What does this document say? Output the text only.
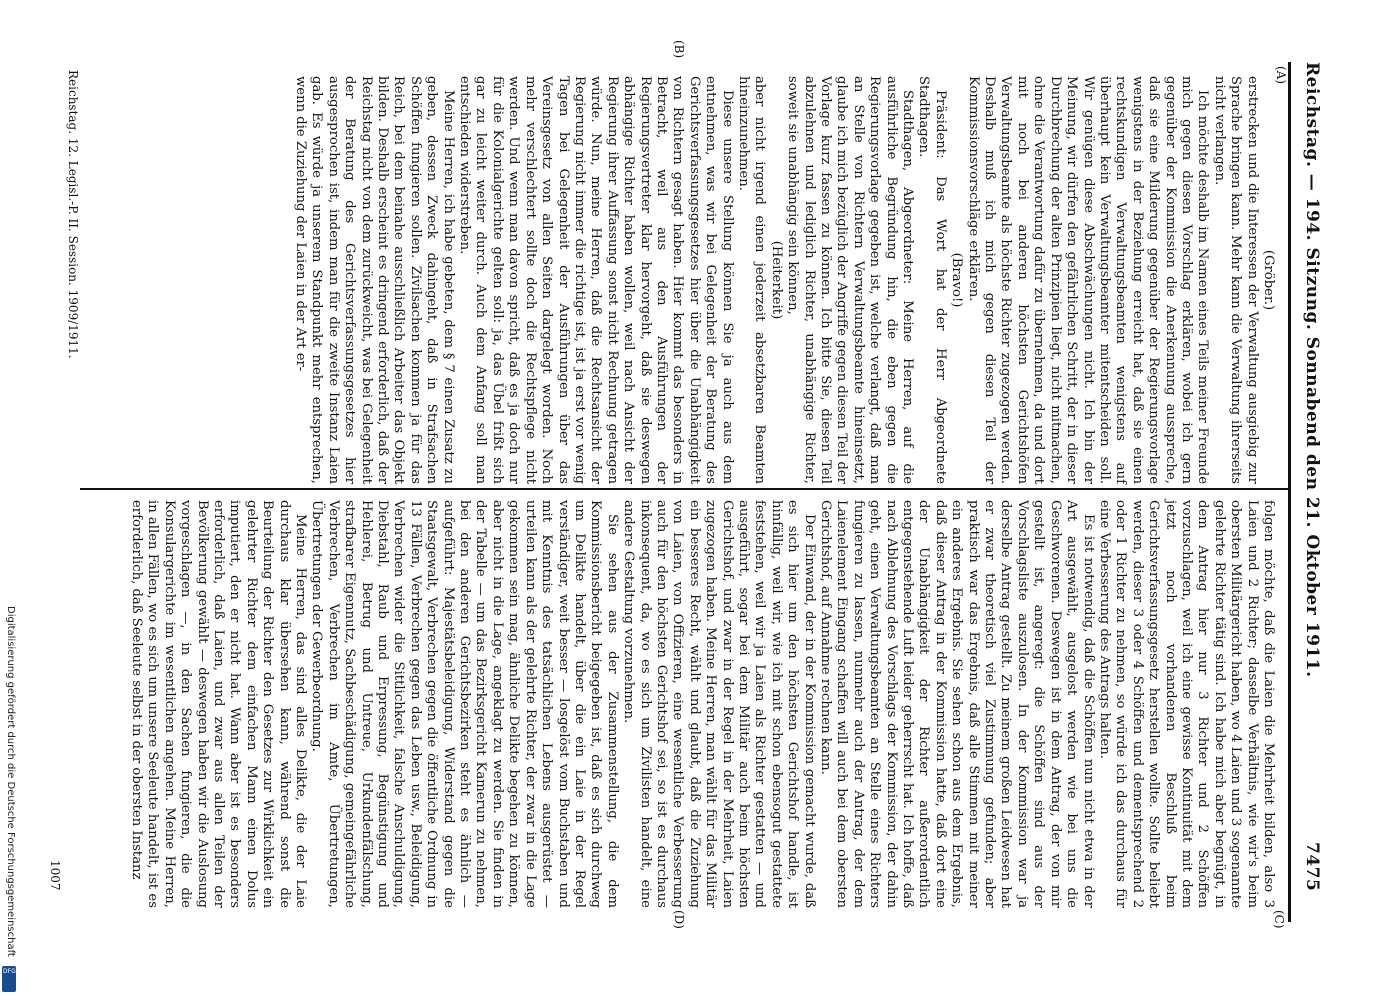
Reichstag. — 194. Sitzung. Sonnabend den 21. Oktober 1911.
7475
(A)
(B)
(C)
(D)

(Gröber.)

erstrecken und die Interessen der Verwaltung ausgiebig zur Sprache bringen kann. Mehr kann die Verwaltung ihrerseits nicht verlangen.

Ich möchte deshalb im Namen eines Teils meiner Freunde mich gegen diesen Vorschlag erklären, wobei ich gern gegenüber der Kommission die Anerkennung ausspreche, daß sie eine Milderung gegenüber der Regierungsvorlage wenigstens in der Beziehung erreicht hat, daß sie einen rechtskundigen Verwaltungsbeamten wenigstens auf überhaupt kein Verwaltungsbeamter mitentscheiden soll. Wir genügen diese Abschwächungen nicht. Ich bin der Meinung, wir dürfen den gefährlichen Schritt, der in dieser Durchbrechung der alten Prinzipien liegt, nicht mitmachen, ohne die Verantwortung dafür zu übernehmen, da und dort mit noch bei anderen höchsten Gerichtshöfen Verwaltungsbeamte als höchste Richter zugezogen werden. Deshalb muß ich mich gegen diesen Teil der Kommissionsvorschläge erklären.

(Bravo!)

Präsident: Das Wort hat der Herr Abgeordnete Stadthagen.

Stadthagen, Abgeordneter: Meine Herren, auf die ausführliche Begründung hin, die eben gegen die Regierungsvorlage gegeben ist, welche verlangt, daß man an Stelle von Richtern Verwaltungsbeamte hineinsetzt, glaube ich mich bezüglich der Angriffe gegen diesen Teil der Vorlage kurz fassen zu können. Ich bitte Sie, diesen Teil abzulehnen und lediglich Richter, unabhängige Richter, soweit sie unabhängig sein können,

(Heiterkeit)

aber nicht irgend einen jederzeit absetzbaren Beamten hineinzunehmen.

Diese unsere Stellung können Sie ja auch aus dem entnehmen, was wir bei Gelegenheit der Beratung des Gerichtsverfassungsgesetzes hier über die Unabhängigkeit von Richtern gesagt haben. Hier kommt das besonders in Betracht, weil aus den Ausführungen der Regierungsvertreter klar hervorgeht, daß sie deswegen abhängige Richter haben wollen, weil nach Ansicht der Regierung ihrer Auffassung sonst nicht Rechnung getragen würde. Nun, meine Herren, daß die Rechtsansicht der Regierung nicht immer die richtige ist, ist ja erst vor wenig Tagen bei Gelegenheit der Ausführungen über das Vereinsgesetz von allen Seiten dargelegt worden. Noch mehr verschlechtert sollte doch die Rechtspflege nicht werden. Und wenn man davon spricht, daß es ja doch nur für die Kolonialgerichte gelten soll: ja, das Übel frißt sich gar zu leicht weiter durch. Auch dem Anfang soll man entschieden widerstreben.

Meine Herren, ich habe gebeten, dem § 7 einen Zusatz zu geben, dessen Zweck dahingeht, daß in Strafsachen Schöffen fungieren sollen. Zivilsachen kommen ja für das Reich, bei dem beinahe ausschließlich Arbeiter das Objekt bilden. Deshalb erscheint es dringend erforderlich, daß der Reichstag nicht von dem zurückweicht, was bei Gelegenheit der Beratung des Gerichtsverfassungsgesetzes hier ausgesprochen ist, indem man für die zweite Instanz Laien gab. Es würde ja unserem Standpunkt mehr entsprechen, wenn die Zuziehung der Laien in der Art er-

folgen möchte, daß die Laien die Mehrheit bilden, also 3 Laien und 2 Richter; dasselbe Verhältnis, wie wir's beim obersten Militärgericht haben, wo 4 Laien und 3 sogenannte gelehrte Richter tätig sind. Ich habe mich aber begnügt, in dem Antrag hier nur 3 Richter und 2 Schöffen vorzuschlagen, weil ich eine gewisse Kontinuität mit dem jetzt noch vorhandenen Beschluß beim Gerichtsverfassungsgesetz herstellen wollte. Sollte beliebt werden, dieser 3 oder 4 Schöffen und dementsprechend 2 oder 1 Richter zu nehmen, so würde ich das durchaus für eine Verbesserung des Antrags halten.

Es ist notwendig, daß die Schöffen nun nicht etwa in der Art ausgewählt, ausgelost werden wie bei uns die Geschworenen. Deswegen ist in dem Antrag, der von mir gestellt ist, angeregt: die Schöffen sind aus der Vorschlagsliste auszulosen. In der Kommission war ja derselbe Antrag gestellt. Zu meinem großen Leidwesen hat er zwar theoretisch viel Zustimmung gefunden; aber praktisch war das Ergebnis, daß alle Stimmen mit meiner ein anderes Ergebnis. Sie sehen schon aus dem Ergebnis, daß dieser Antrag in der Kommission hatte, daß dort eine der Unabhängigkeit der Richter außerordentlich entgegenstehende Luft leider geherrscht hat. Ich hoffe, daß nach Ablehnung des Vorschlags der Kommission, der dahin geht, einen Verwaltungsbeamten an Stelle eines Richters fungieren zu lassen, nunmehr auch der Antrag, der dem Laienelement Eingang schaffen will auch bei dem obersten Gerichtshof, auf Annahme rechnen kann.

Der Einwand, der in der Kommission gemacht wurde, daß es sich hier um den höchsten Gerichtshof handle, ist hinfällig, weil wir, wie ich mit schon ebensogut gestattete feststehen, weil wir ja Laien als Richter gestatten — und ausgeführt, sogar bei dem Militär auch beim höchsten Gerichtshof, und zwar in der Regel in der Mehrheit, Laien zugezogen haben. Meine Herren, man wählt für das Militär ein besseres Recht, wählt und glaubt, daß die Zuziehung von Laien, von Offizieren, eine wesentliche Verbesserung auch für den höchsten Gerichtshof sei, so ist es durchaus inkonsequent, da, wo es sich um Zivilisten handelt, eine andere Gestaltung vorzunehmen.

Sie sehen aus der Zusammenstellung, die dem Kommissionsbericht beigegeben ist, daß es sich durchweg um Delikte handelt, über die ein Laie in der Regel verständiger, weit besser — losgelöst vom Buchstaben und mit Kenntnis des tatsächlichen Lebens ausgerüstet — urteilen kann als der gelehrte Richter, der zwar in die Lage gekommen sein mag, ähnliche Delikte begehen zu können, aber nicht in die Lage, angeklagt zu werden. Sie finden in der Tabelle — um das Bezirksgericht Kamerun zu nehmen, bei den anderen Gerichtsbezirken steht es ähnlich — aufgeführt: Majestätsbeleidigung, Widerstand gegen die Staatsgewalt, Verbrechen gegen die öffentliche Ordnung in 13 Fällen, Verbrechen gegen das Leben usw., Beleidigung, Verbrechen wider die Sittlichkeit, falsche Anschuldigung, Diebstahl, Raub und Erpressung, Begünstigung und Hehlerei, Betrug und Untreue, Urkundenfälschung, strafbarer Eigennutz, Sachbeschädigung, gemeingefährliche Verbrechen, Verbrechen im Amte, Übertretungen, Übertretungen der Gewerbeordnung.

Meine Herren, das sind alles Delikte, die der Laie durchaus klar übersehen kann, während sonst die Beurteilung der Richter den Gesetzes zur Wirklichkeit ein gelehrter Richter dem einfachen Mann einen Dolus imputiert, den er nicht hat. Wann aber ist es besonders erforderlich, daß Laien, und zwar aus allen Teilen der Bevölkerung gewählt — deswegen haben wir die Auslosung vorgeschlagen —, in den Sachen fungieren, die die Konsulargerichte im wesentlichen angehen. Meine Herren, in allen Fällen, wo es sich um unsere Seeleute handelt, ist es erforderlich, daß Seeleute selbst in der obersten Instanz

Reichstag. 12. Legisl.-P. II. Session. 1909/1911.
1007
Digitalisierung gefördert durch die Deutsche Forschungsgemeinschaft
DFG
